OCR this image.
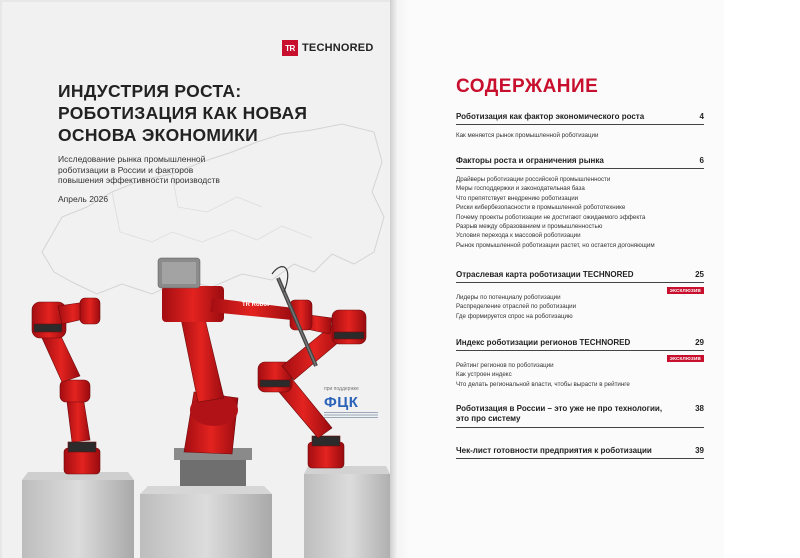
TR TECHNORED
ИНДУСТРИЯ РОСТА:
РОБОТИЗАЦИЯ КАК НОВАЯ
ОСНОВА ЭКОНОМИКИ
Исследование рынка промышленной
роботизации в России и факторов
повышения эффективности производств
Апрель 2026
TR Robot
при поддержке
ФЦК
СОДЕРЖАНИЕ
Роботизация как фактор экономического роста	4
Как меняется рынок промышленной роботизации
Факторы роста и ограничения рынка	6
Драйверы роботизации российской промышленности
Меры господдержки и законодательная база
Что препятствует внедрению роботизации
Риски кибербезопасности в промышленной робототехнике
Почему проекты роботизации не достигают ожидаемого эффекта
Разрыв между образованием и промышленностью
Условия перехода к массовой роботизации
Рынок промышленной роботизации растет, но остается догоняющим
Отраслевая карта роботизации TECHNORED	25
ЭКСКЛЮЗИВ
Лидеры по потенциалу роботизации
Распределение отраслей по роботизации
Где формируется спрос на роботизацию
Индекс роботизации регионов TECHNORED	29
ЭКСКЛЮЗИВ
Рейтинг регионов по роботизации
Как устроен индекс
Что делать региональной власти, чтобы вырасти в рейтинге
Роботизация в России – это уже не про технологии,
это про систему
38
Чек-лист готовности предприятия к роботизации	39
